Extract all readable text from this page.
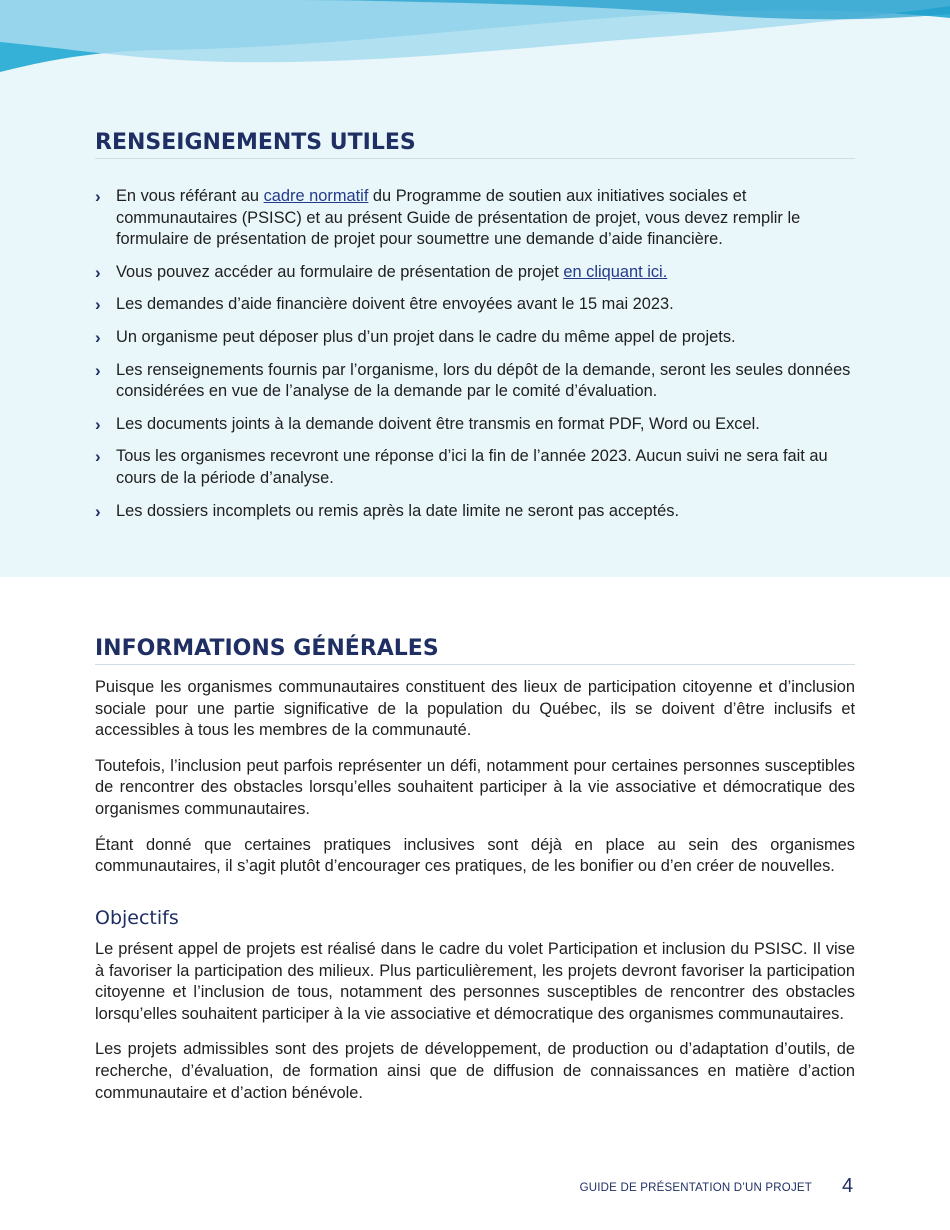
RENSEIGNEMENTS UTILES
› En vous référant au cadre normatif du Programme de soutien aux initiatives sociales et communautaires (PSISC) et au présent Guide de présentation de projet, vous devez remplir le formulaire de présentation de projet pour soumettre une demande d’aide financière.
› Vous pouvez accéder au formulaire de présentation de projet en cliquant ici.
› Les demandes d’aide financière doivent être envoyées avant le 15 mai 2023.
› Un organisme peut déposer plus d’un projet dans le cadre du même appel de projets.
› Les renseignements fournis par l’organisme, lors du dépôt de la demande, seront les seules données considérées en vue de l’analyse de la demande par le comité d’évaluation.
› Les documents joints à la demande doivent être transmis en format PDF, Word ou Excel.
› Tous les organismes recevront une réponse d’ici la fin de l’année 2023. Aucun suivi ne sera fait au cours de la période d’analyse.
› Les dossiers incomplets ou remis après la date limite ne seront pas acceptés.
INFORMATIONS GÉNÉRALES

Puisque les organismes communautaires constituent des lieux de participation citoyenne et d’inclusion sociale pour une partie significative de la population du Québec, ils se doivent d’être inclusifs et accessibles à tous les membres de la communauté.

Toutefois, l’inclusion peut parfois représenter un défi, notamment pour certaines personnes susceptibles de rencontrer des obstacles lorsqu’elles souhaitent participer à la vie associative et démocratique des organismes communautaires.

Étant donné que certaines pratiques inclusives sont déjà en place au sein des organismes communautaires, il s’agit plutôt d’encourager ces pratiques, de les bonifier ou d’en créer de nouvelles.

Objectifs

Le présent appel de projets est réalisé dans le cadre du volet Participation et inclusion du PSISC. Il vise à favoriser la participation des milieux. Plus particulièrement, les projets devront favoriser la participation citoyenne et l’inclusion de tous, notamment des personnes susceptibles de rencontrer des obstacles lorsqu’elles souhaitent participer à la vie associative et démocratique des organismes communautaires.

Les projets admissibles sont des projets de développement, de production ou d’adaptation d’outils, de recherche, d’évaluation, de formation ainsi que de diffusion de connaissances en matière d’action communautaire et d’action bénévole.

GUIDE DE PRÉSENTATION D’UN PROJET 4
